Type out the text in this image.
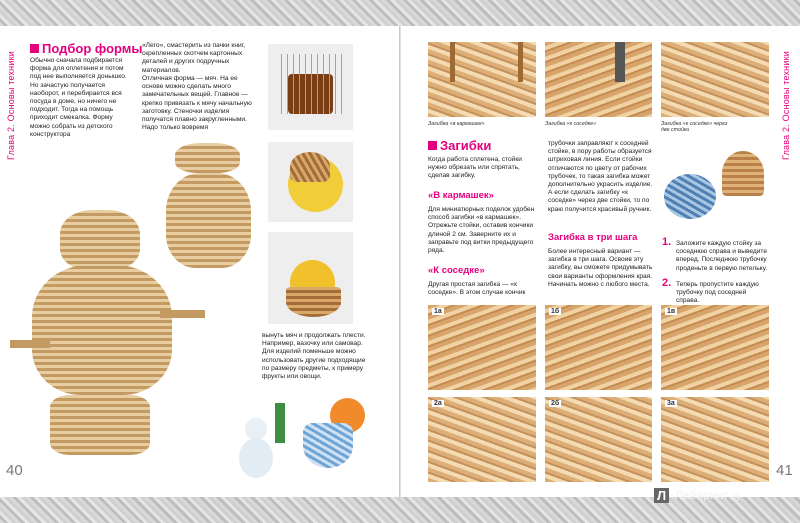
Глава 2. Основы техники
Подбор формы
Обычно сначала подбирается форма для оплетения и потом под нее выполняется донышко. Но зачастую получается наоборот, и перебирается вся посуда в доме, но ничего не подходит. Тогда на помощь приходит смекалка. Форму можно собрать из детского конструктора
«Лего», смастерить из пачки книг, скрепленных скотчем картонных деталей и других подручных материалов.
Отличная форма — мяч. На ее основе можно сделать много замечательных вещей. Главное — крепко привязать к мячу начальную заготовку. Стеночки изделия получатся плавно закругленными. Надо только вовремя
вынуть мяч и продолжать плести. Например, вазочку или самовар. Для изделий поменьше можно использовать другие подходящие по размеру предметы, к примеру фрукты или овощи.
40
Глава 2. Основы техники
Загибка «в кармашек»	Загибка «к соседке»	Загибка «к соседке» через две стойки
Загибки
Когда работа сплетена, стойки нужно обрезать или спрятать, сделав загибку.
«В кармашек»
Для миниатюрных поделок удобен способ загибки «в кармашек». Отрежьте стойки, оставив кончики длиной 2 см. Заверните их и заправьте под витки предыдущего ряда.
«К соседке»
Другая простая загибка — «к соседке». В этом случае кончик
трубочки заправляют к соседней стойке, в пору работы образуется штриховая линия. Если стойки отличаются по цвету от рабочих трубочек, то такая загибка может дополнительно украсить изделие. А если сделать загибку «к соседке» через две стойки, то по краю получится красивый ручник.
Загибка в три шага
Более интересный вариант — загибка в три шага. Освоив эту загибку, вы сможете придумывать свои варианты оформления края. Начинать можно с любого места.
1. Заложите каждую стойку за соседнюю справа и выведите вперед. Последнюю трубочку проденьте в первую петельку.
2. Теперь пропустите каждую трубочку под соседней справа.
1а	1б	1в
2а	2б	3а
41
Л Лабиринт.ру
